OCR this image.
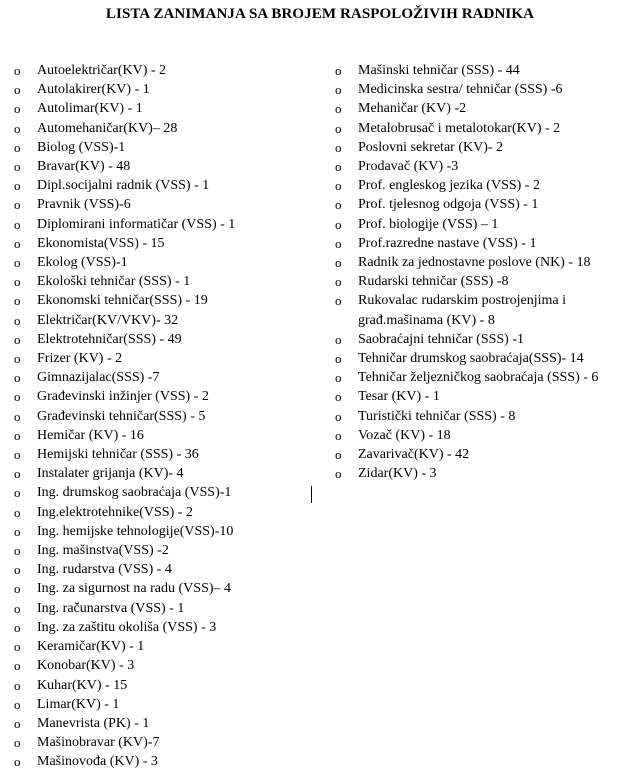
LISTA ZANIMANJA SA BROJEM RASPOLOŽIVIH RADNIKA
o Autoelektričar(KV) - 2
o Autolakirer(KV) - 1
o Autolimar(KV) - 1
o Automehaničar(KV)– 28
o Biolog (VSS)-1
o Bravar(KV) - 48
o Dipl.socijalni radnik (VSS) - 1
o Pravnik (VSS)-6
o Diplomirani informatičar (VSS) - 1
o Ekonomista(VSS) - 15
o Ekolog (VSS)-1
o Ekološki tehničar (SSS) - 1
o Ekonomski tehničar(SSS) - 19
o Električar(KV/VKV)- 32
o Elektrotehničar(SSS) - 49
o Frizer (KV) - 2
o Gimnazijalac(SSS) -7
o Građevinski inžinjer (VSS) - 2
o Građevinski tehničar(SSS) - 5
o Hemičar (KV) - 16
o Hemijski tehničar (SSS) - 36
o Instalater grijanja (KV)- 4
o Ing. drumskog saobraćaja (VSS)-1
o Ing.elektrotehnike(VSS) - 2
o Ing. hemijske tehnologije(VSS)-10
o Ing. mašinstva(VSS) -2
o Ing. rudarstva (VSS) - 4
o Ing. za sigurnost na radu (VSS)– 4
o Ing. računarstva (VSS) - 1
o Ing. za zaštitu okoliša (VSS) - 3
o Keramičar(KV) - 1
o Konobar(KV) - 3
o Kuhar(KV) - 15
o Limar(KV) - 1
o Manevrista (PK) - 1
o Mašinobravar (KV)-7
o Mašinovođa (KV) - 3
o Mašinski tehničar (SSS) - 44
o Medicinska sestra/ tehničar (SSS) -6
o Mehaničar (KV) -2
o Metalobrusač i metalotokar(KV) - 2
o Poslovni sekretar (KV)- 2
o Prodavač (KV) -3
o Prof. engleskog jezika (VSS) - 2
o Prof. tjelesnog odgoja (VSS) - 1
o Prof. biologije (VSS) – 1
o Prof.razredne nastave (VSS) - 1
o Radnik za jednostavne poslove (NK) - 18
o Rudarski tehničar (SSS) -8
o Rukovalac rudarskim postrojenjima i
građ.mašinama (KV) - 8
o Saobraćajni tehničar (SSS) -1
o Tehničar drumskog saobraćaja(SSS)- 14
o Tehničar željezničkog saobraćaja (SSS) - 6
o Tesar (KV) - 1
o Turistički tehničar (SSS) - 8
o Vozač (KV) - 18
o Zavarivač(KV) - 42
o Zidar(KV) - 3
